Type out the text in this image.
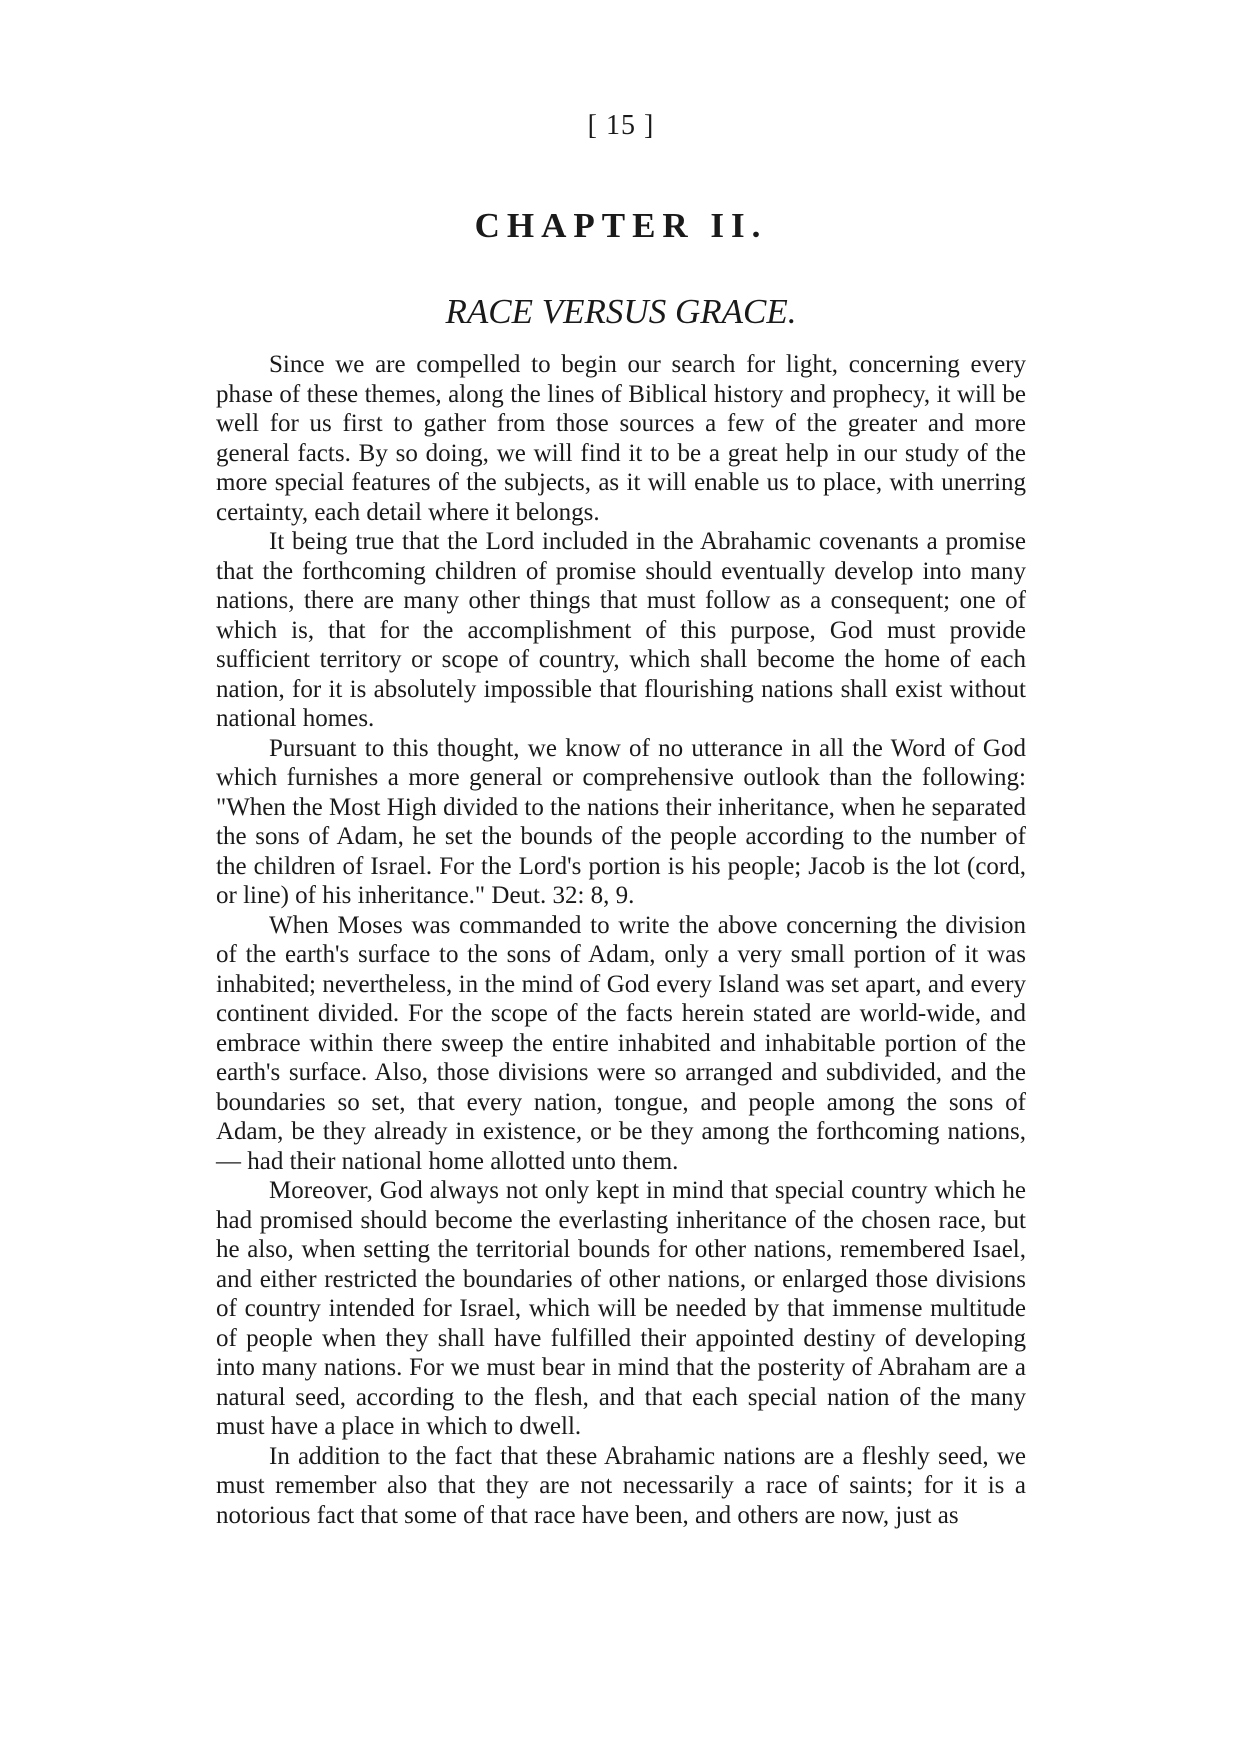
[ 15 ]
CHAPTER II.
RACE VERSUS GRACE.

Since we are compelled to begin our search for light, concerning every phase of these themes, along the lines of Biblical history and prophecy, it will be well for us first to gather from those sources a few of the greater and more general facts. By so doing, we will find it to be a great help in our study of the more special features of the subjects, as it will enable us to place, with unerring certainty, each detail where it belongs.

It being true that the Lord included in the Abrahamic covenants a promise that the forthcoming children of promise should eventually develop into many nations, there are many other things that must follow as a consequent; one of which is, that for the accomplishment of this purpose, God must provide sufficient territory or scope of country, which shall become the home of each nation, for it is absolutely impossible that flourishing nations shall exist without national homes.

Pursuant to this thought, we know of no utterance in all the Word of God which furnishes a more general or comprehensive outlook than the following: "When the Most High divided to the nations their inheritance, when he separated the sons of Adam, he set the bounds of the people according to the number of the children of Israel. For the Lord's portion is his people; Jacob is the lot (cord, or line) of his inheritance." Deut. 32: 8, 9.

When Moses was commanded to write the above concerning the division of the earth's surface to the sons of Adam, only a very small portion of it was inhabited; nevertheless, in the mind of God every Island was set apart, and every continent divided. For the scope of the facts herein stated are world-wide, and embrace within there sweep the entire inhabited and inhabitable portion of the earth's surface. Also, those divisions were so arranged and subdivided, and the boundaries so set, that every nation, tongue, and people among the sons of Adam, be they already in existence, or be they among the forthcoming nations,— had their national home allotted unto them.

Moreover, God always not only kept in mind that special country which he had promised should become the everlasting inheritance of the chosen race, but he also, when setting the territorial bounds for other nations, remembered Isael, and either restricted the boundaries of other nations, or enlarged those divisions of country intended for Israel, which will be needed by that immense multitude of people when they shall have fulfilled their appointed destiny of developing into many nations. For we must bear in mind that the posterity of Abraham are a natural seed, according to the flesh, and that each special nation of the many must have a place in which to dwell.

In addition to the fact that these Abrahamic nations are a fleshly seed, we must remember also that they are not necessarily a race of saints; for it is a notorious fact that some of that race have been, and others are now, just as
